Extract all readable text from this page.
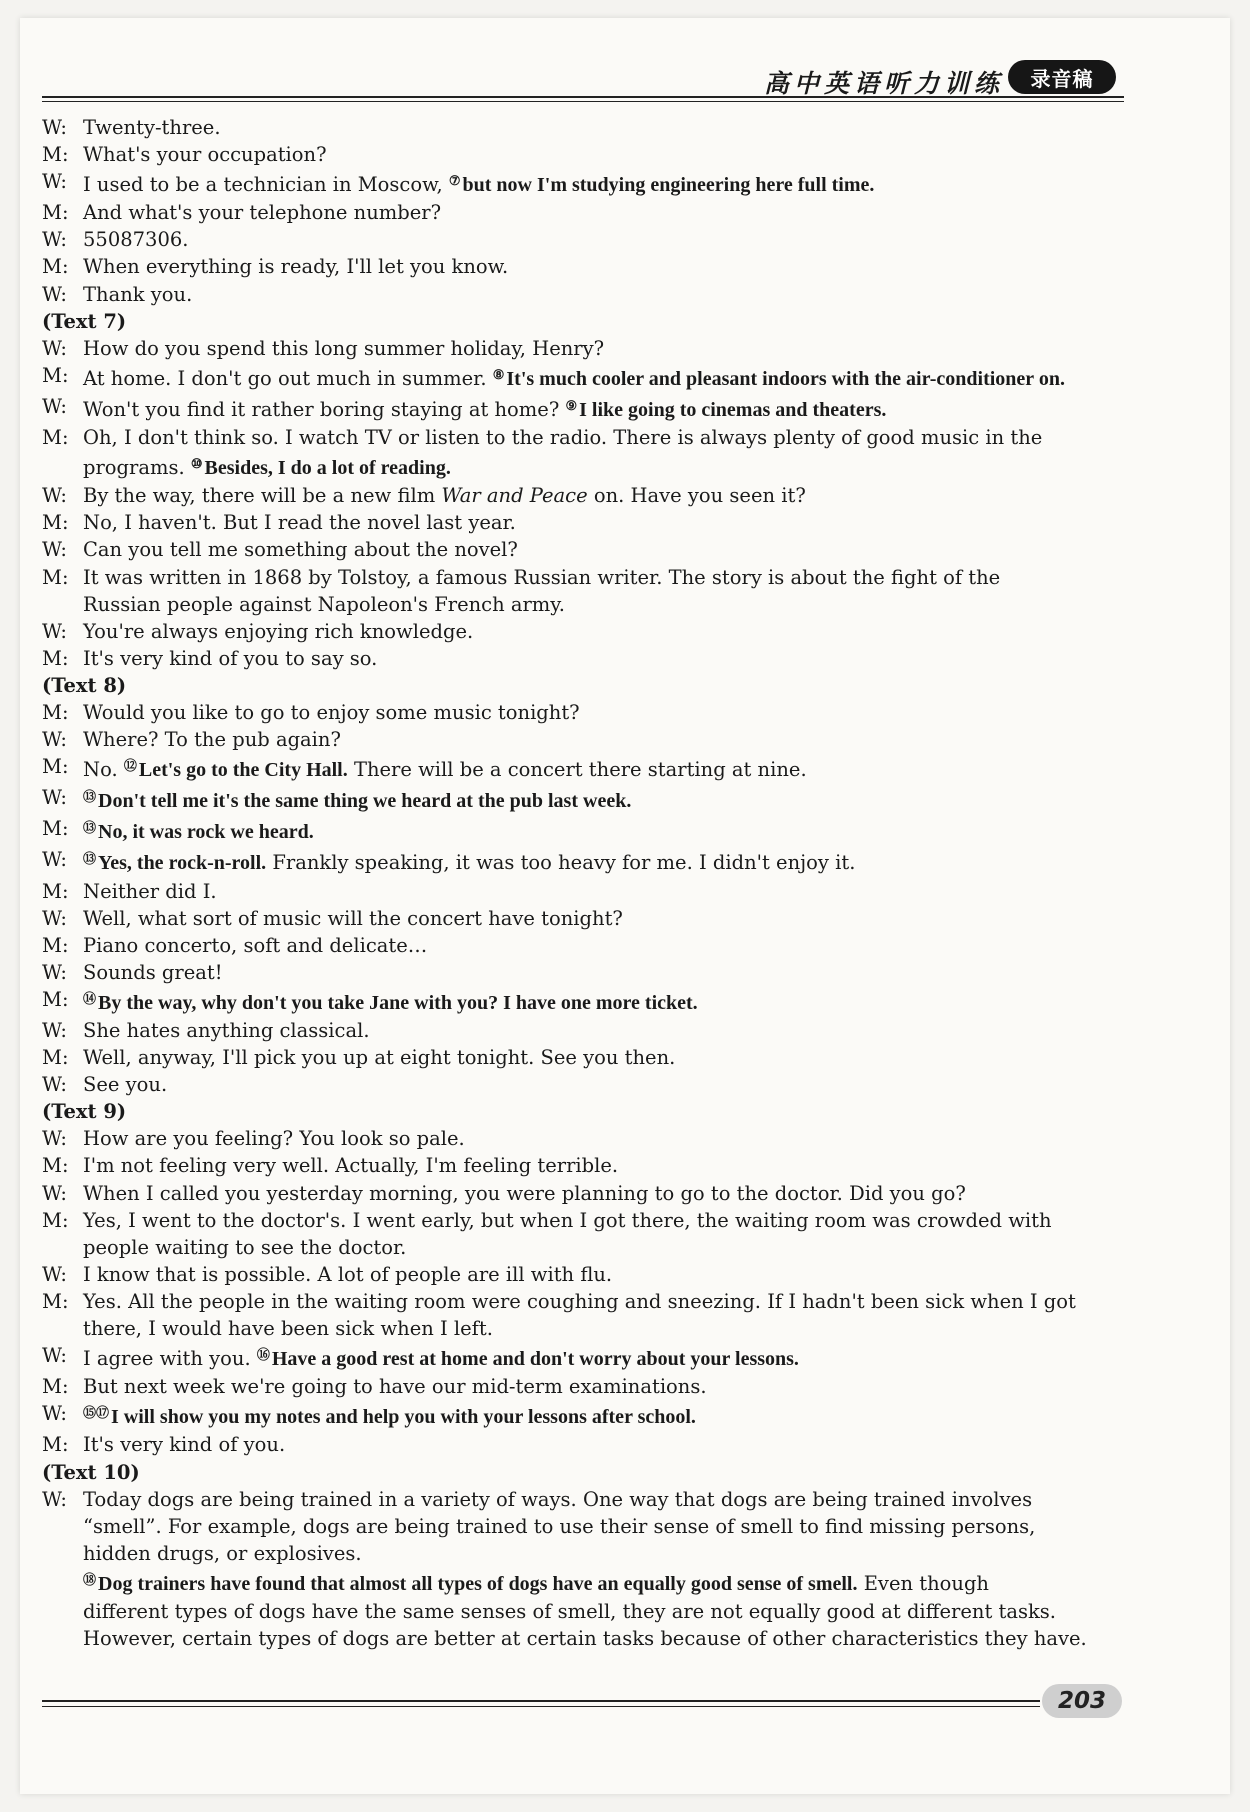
高中英语听力训练	录音稿
W: Twenty-three.
M: What's your occupation?
W: I used to be a technician in Moscow, ⑦ but now I'm studying engineering here full time.
M: And what's your telephone number?
W: 55087306.
M: When everything is ready, I'll let you know.
W: Thank you.
(Text 7)
W: How do you spend this long summer holiday, Henry?
M: At home. I don't go out much in summer. ⑧ It's much cooler and pleasant indoors with the air-conditioner on.
W: Won't you find it rather boring staying at home? ⑨ I like going to cinemas and theaters.
M: Oh, I don't think so. I watch TV or listen to the radio. There is always plenty of good music in the
programs. ⑩ Besides, I do a lot of reading.
W: By the way, there will be a new film War and Peace on. Have you seen it?
M: No, I haven't. But I read the novel last year.
W: Can you tell me something about the novel?
M: It was written in 1868 by Tolstoy, a famous Russian writer. The story is about the fight of the
Russian people against Napoleon's French army.
W: You're always enjoying rich knowledge.
M: It's very kind of you to say so.
(Text 8)
M: Would you like to go to enjoy some music tonight?
W: Where? To the pub again?
M: No. ⑫ Let's go to the City Hall. There will be a concert there starting at nine.
W:	⑬ Don't tell me it's the same thing we heard at the pub last week.
M:	⑬ No, it was rock we heard.
W:	⑬ Yes, the rock-n-roll. Frankly speaking, it was too heavy for me. I didn't enjoy it.
M: Neither did I.
W: Well, what sort of music will the concert have tonight?
M: Piano concerto, soft and delicate…
W: Sounds great!
M:	⑭ By the way, why don't you take Jane with you? I have one more ticket.
W: She hates anything classical.
M: Well, anyway, I'll pick you up at eight tonight. See you then.
W: See you.
(Text 9)
W: How are you feeling? You look so pale.
M: I'm not feeling very well. Actually, I'm feeling terrible.
W: When I called you yesterday morning, you were planning to go to the doctor. Did you go?
M: Yes, I went to the doctor's. I went early, but when I got there, the waiting room was crowded with
people waiting to see the doctor.
W: I know that is possible. A lot of people are ill with flu.
M: Yes. All the people in the waiting room were coughing and sneezing. If I hadn't been sick when I got
there, I would have been sick when I left.
W: I agree with you. ⑯ Have a good rest at home and don't worry about your lessons.
M: But next week we're going to have our mid-term examinations.
W:	⑮⑰ I will show you my notes and help you with your lessons after school.
M: It's very kind of you.
(Text 10)
W: Today dogs are being trained in a variety of ways. One way that dogs are being trained involves
“smell”. For example, dogs are being trained to use their sense of smell to find missing persons,
hidden drugs, or explosives.
⑱ Dog trainers have found that almost all types of dogs have an equally good sense of smell. Even though
different types of dogs have the same senses of smell, they are not equally good at different tasks.
However, certain types of dogs are better at certain tasks because of other characteristics they have.
203
